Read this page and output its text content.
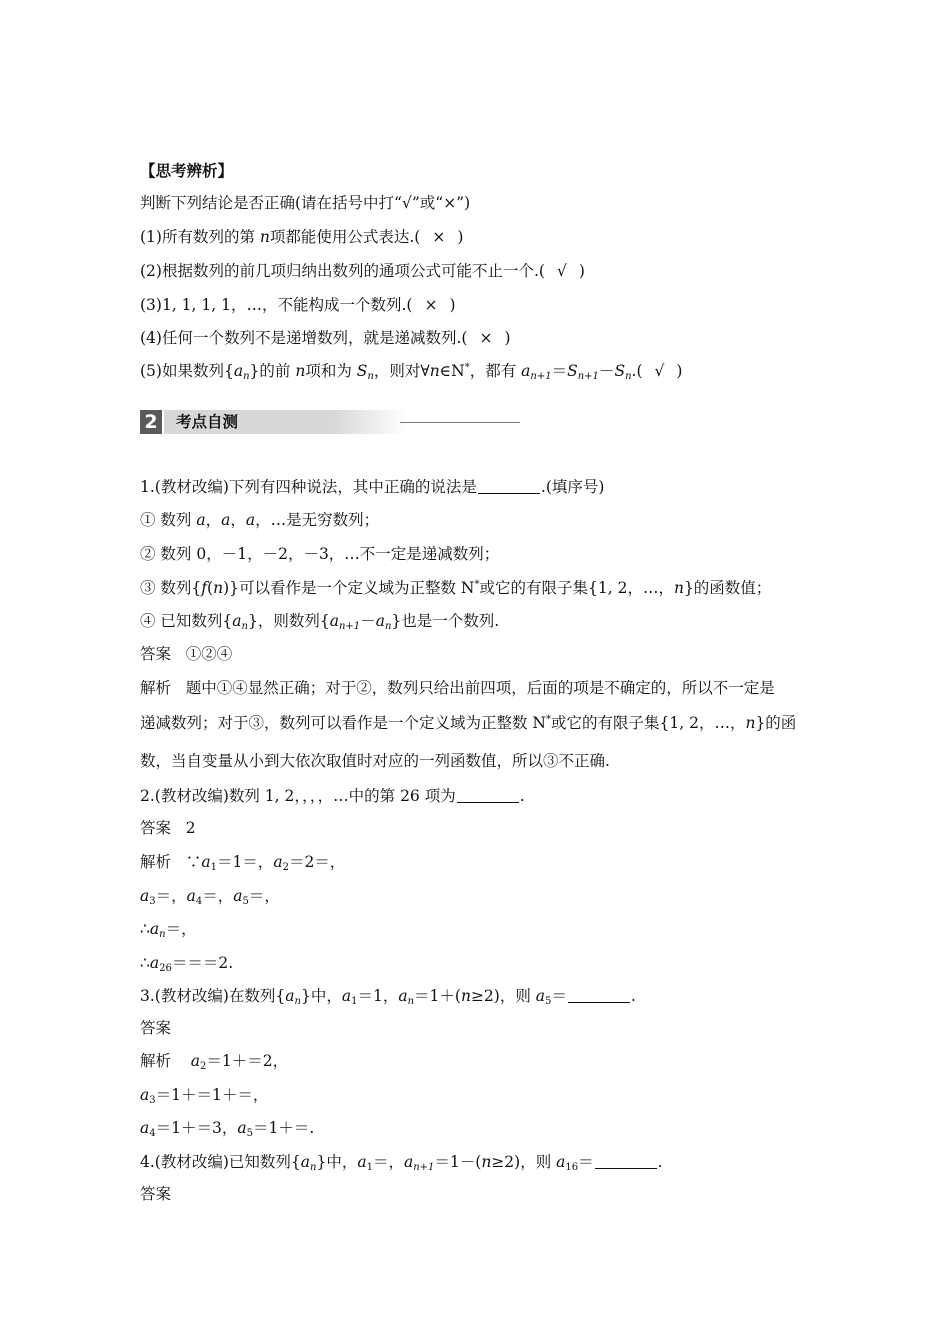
【思考辨析】
判断下列结论是否正确(请在括号中打“√”或“×”)
(1)所有数列的第 n项都能使用公式表达.( × )
(2)根据数列的前几项归纳出数列的通项公式可能不止一个.( √ )
(3)1, 1, 1, 1，…，不能构成一个数列.( × )
(4)任何一个数列不是递增数列，就是递减数列.( × )
(5)如果数列$\{a_n\}$的前 n项和为 $S_n$，则对∀n∈N*，都有 $a_{n+1}=S_{n+1}-S_n$.( √ )
2 考点自测
1.(教材改编)下列有四种说法，其中正确的说法是	.(填序号)
① 数列 a，a，a，…是无穷数列；
② 数列 0，－1，－2，－3，…不一定是递减数列；
③ 数列{f(n)}可以看作是一个定义域为正整数 N*或它的有限子集{1, 2，…，n}的函数值；
④ 已知数列$\{a_n\}$，则数列$\{a_{n+1}-a_n\}$也是一个数列.
答案 ①②④
解析 题中①④显然正确；对于②，数列只给出前四项，后面的项是不确定的，所以不一定是
递减数列；对于③，数列可以看作是一个定义域为正整数 N*或它的有限子集{1, 2，…，n}的函
数，当自变量从小到大依次取值时对应的一列函数值，所以③不正确.
2.(教材改编)数列 1, 2，，，，…中的第 26 项为	.
答案 2
解析 $\because a_1=1=$，$a_2=2=$，
$a_3=$，$a_4=$，$a_5=$，
$\therefore a_n=$，
$\therefore a_{26}===2$.
3.(教材改编)在数列$\{a_n\}$中，$a_1=1$，$a_n=1+(n\ge 2)$，则 $a_5=$	.
答案
解析 $a_2=1+=2$，
$a_3=1+=1+=$，
$a_4=1+=3$，$a_5=1+=$.
4.(教材改编)已知数列$\{a_n\}$中，$a_1=$，$a_{n+1}=1-(n\ge 2)$，则 $a_{16}=$	.
答案
